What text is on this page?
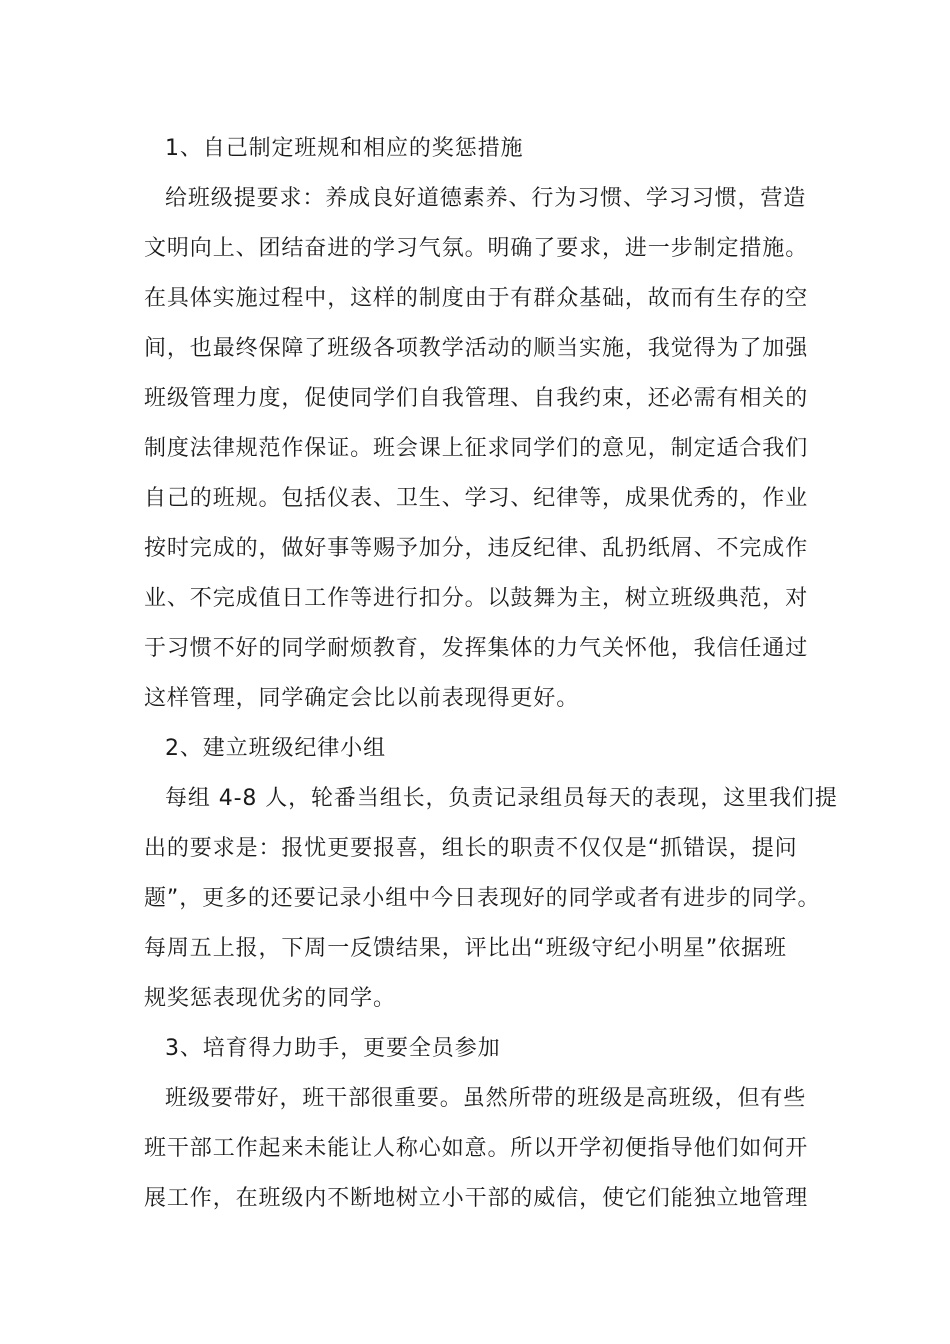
1、自己制定班规和相应的奖惩措施
给班级提要求：养成良好道德素养、行为习惯、学习习惯，营造
文明向上、团结奋进的学习气氛。明确了要求，进一步制定措施。
在具体实施过程中，这样的制度由于有群众基础，故而有生存的空
间，也最终保障了班级各项教学活动的顺当实施，我觉得为了加强
班级管理力度，促使同学们自我管理、自我约束，还必需有相关的
制度法律规范作保证。班会课上征求同学们的意见，制定适合我们
自己的班规。包括仪表、卫生、学习、纪律等，成果优秀的，作业
按时完成的，做好事等赐予加分，违反纪律、乱扔纸屑、不完成作
业、不完成值日工作等进行扣分。以鼓舞为主，树立班级典范，对
于习惯不好的同学耐烦教育，发挥集体的力气关怀他，我信任通过
这样管理，同学确定会比以前表现得更好。
2、建立班级纪律小组
每组 4-8 人，轮番当组长，负责记录组员每天的表现，这里我们提
出的要求是：报忧更要报喜，组长的职责不仅仅是“抓错误，提问
题”，更多的还要记录小组中今日表现好的同学或者有进步的同学。
每周五上报，下周一反馈结果，评比出“班级守纪小明星”依据班
规奖惩表现优劣的同学。
3、培育得力助手，更要全员参加
班级要带好，班干部很重要。虽然所带的班级是高班级，但有些
班干部工作起来未能让人称心如意。所以开学初便指导他们如何开
展工作，在班级内不断地树立小干部的威信，使它们能独立地管理
